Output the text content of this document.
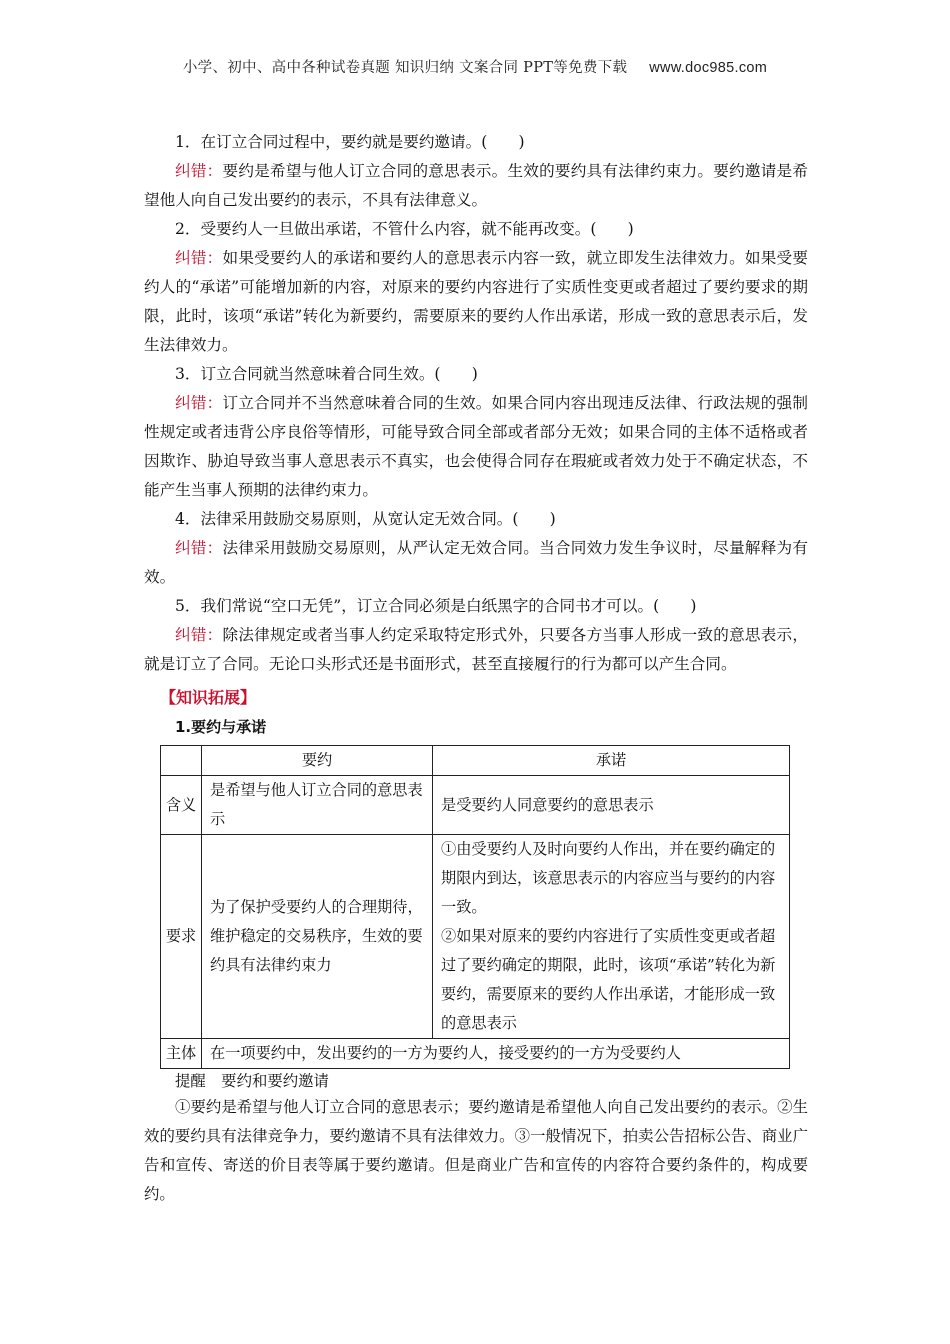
小学、初中、高中各种试卷真题 知识归纳 文案合同 PPT等免费下载 www.doc985.com

1．在订立合同过程中，要约就是要约邀请。(　　)

纠错：要约是希望与他人订立合同的意思表示。生效的要约具有法律约束力。要约邀请是希望他人向自己发出要约的表示，不具有法律意义。

2．受要约人一旦做出承诺，不管什么内容，就不能再改变。(　　)

纠错：如果受要约人的承诺和要约人的意思表示内容一致，就立即发生法律效力。如果受要约人的“承诺”可能增加新的内容，对原来的要约内容进行了实质性变更或者超过了要约要求的期限，此时，该项“承诺”转化为新要约，需要原来的要约人作出承诺，形成一致的意思表示后，发生法律效力。

3．订立合同就当然意味着合同生效。(　　)

纠错：订立合同并不当然意味着合同的生效。如果合同内容出现违反法律、行政法规的强制性规定或者违背公序良俗等情形，可能导致合同全部或者部分无效；如果合同的主体不适格或者因欺诈、胁迫导致当事人意思表示不真实，也会使得合同存在瑕疵或者效力处于不确定状态，不能产生当事人预期的法律约束力。

4．法律采用鼓励交易原则，从宽认定无效合同。(　　)

纠错：法律采用鼓励交易原则，从严认定无效合同。当合同效力发生争议时，尽量解释为有效。

5．我们常说“空口无凭”，订立合同必须是白纸黑字的合同书才可以。(　　)

纠错：除法律规定或者当事人约定采取特定形式外，只要各方当事人形成一致的意思表示，就是订立了合同。无论口头形式还是书面形式，甚至直接履行的行为都可以产生合同。

【知识拓展】
1.要约与承诺
	要约	承诺
含义	是希望与他人订立合同的意思表示	是受要约人同意要约的意思表示
要求	为了保护受要约人的合理期待，维护稳定的交易秩序，生效的要约具有法律约束力	①由受要约人及时向要约人作出，并在要约确定的期限内到达，该意思表示的内容应当与要约的内容一致。
②如果对原来的要约内容进行了实质性变更或者超过了要约确定的期限，此时，该项“承诺”转化为新要约，需要原来的要约人作出承诺，才能形成一致的意思表示

主体	在一项要约中，发出要约的一方为要约人，接受要约的一方为受要约人	
提醒　要约和要约邀请

①要约是希望与他人订立合同的意思表示；要约邀请是希望他人向自己发出要约的表示。②生效的要约具有法律竞争力，要约邀请不具有法律效力。③一般情况下，拍卖公告招标公告、商业广告和宣传、寄送的价目表等属于要约邀请。但是商业广告和宣传的内容符合要约条件的，构成要约。
